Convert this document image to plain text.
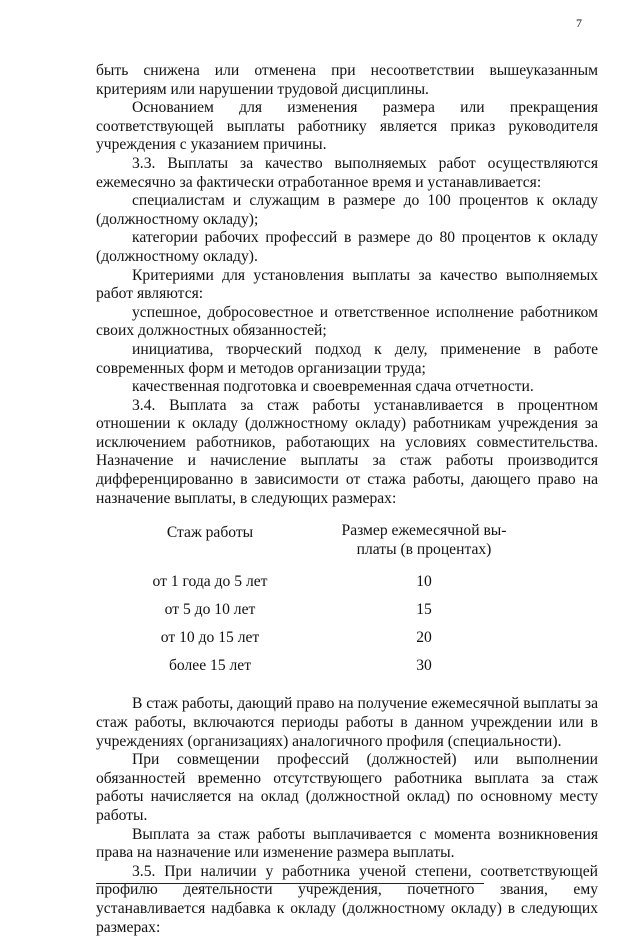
7

быть снижена или отменена при несоответствии вышеуказанным критериям или нарушении трудовой дисциплины.

Основанием для изменения размера или прекращения соответствующей выплаты работнику является приказ руководителя учреждения с указанием причины.

3.3. Выплаты за качество выполняемых работ осуществляются ежемесячно за фактически отработанное время и устанавливается:

специалистам и служащим в размере до 100 процентов к окладу (должностному окладу);

категории рабочих профессий в размере до 80 процентов к окладу (должностному окладу).

Критериями для установления выплаты за качество выполняемых работ являются:

успешное, добросовестное и ответственное исполнение работником своих должностных обязанностей;

инициатива, творческий подход к делу, применение в работе современных форм и методов организации труда;

качественная подготовка и своевременная сдача отчетности.

3.4. Выплата за стаж работы устанавливается в процентном отношении к окладу (должностному окладу) работникам учреждения за исключением работников, работающих на условиях совместительства. Назначение и начисление выплаты за стаж работы производится дифференцированно в зависимости от стажа работы, дающего право на назначение выплаты, в следующих размерах:

Стаж работы	Размер ежемесячной вы-
платы (в процентах)
от 1 года до 5 лет	10
от 5 до 10 лет	15
от 10 до 15 лет	20
более 15 лет	30

В стаж работы, дающий право на получение ежемесячной выплаты за стаж работы, включаются периоды работы в данном учреждении или в учреждениях (организациях) аналогичного профиля (специальности).

При совмещении профессий (должностей) или выполнении обязанностей временно отсутствующего работника выплата за стаж работы начисляется на оклад (должностной оклад) по основному месту работы.

Выплата за стаж работы выплачивается с момента возникновения права на назначение или изменение размера выплаты.

3.5. При наличии у работника ученой степени, соответствующей профилю деятельности учреждения, почетного звания, ему устанавливается надбавка к окладу (должностному окладу) в следующих размерах:
